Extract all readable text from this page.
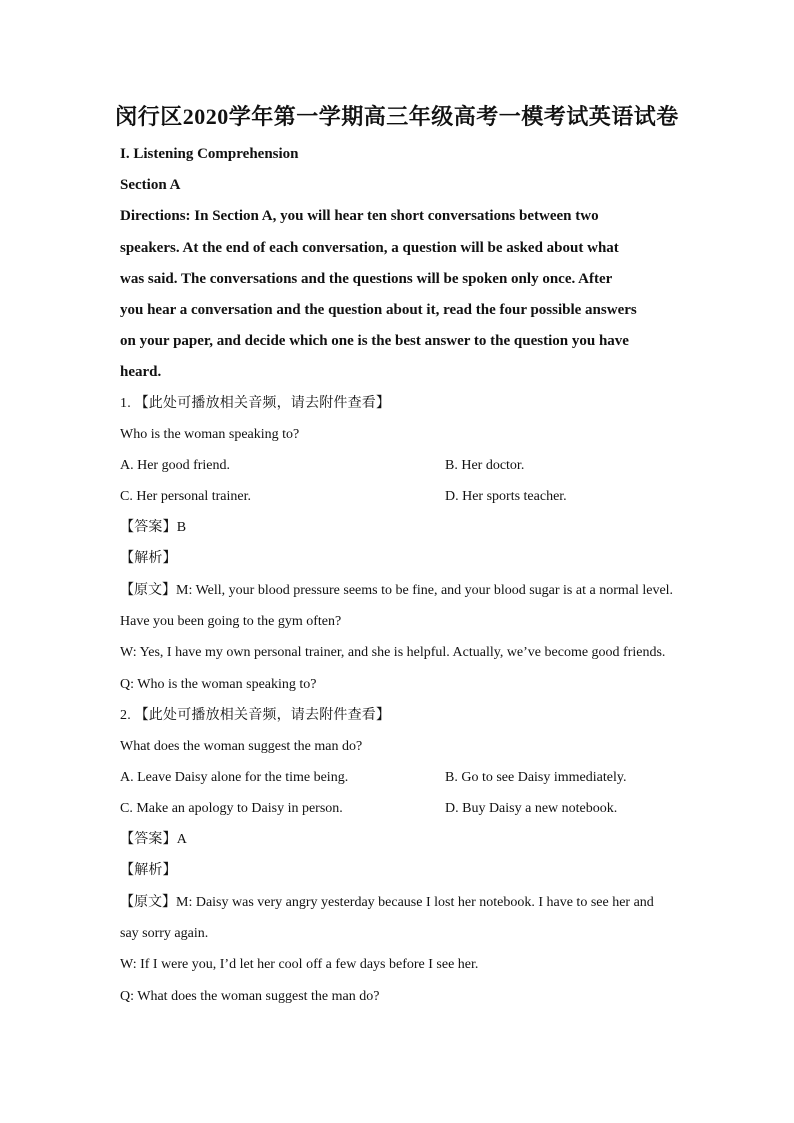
闵行区2020学年第一学期高三年级高考一模考试英语试卷
I. Listening Comprehension
Section A
Directions: In Section A, you will hear ten short conversations between two
speakers. At the end of each conversation, a question will be asked about what
was said. The conversations and the questions will be spoken only once. After
you hear a conversation and the question about it, read the four possible answers
on your paper, and decide which one is the best answer to the question you have
heard.
1. 【此处可播放相关音频，请去附件查看】
Who is the woman speaking to?
A. Her good friend.	B. Her doctor.
C. Her personal trainer.	D. Her sports teacher.
【答案】B
【解析】
【原文】M: Well, your blood pressure seems to be fine, and your blood sugar is at a normal level.
Have you been going to the gym often?
W: Yes, I have my own personal trainer, and she is helpful. Actually, we’ve become good friends.
Q: Who is the woman speaking to?
2. 【此处可播放相关音频，请去附件查看】
What does the woman suggest the man do?
A. Leave Daisy alone for the time being.	B. Go to see Daisy immediately.
C. Make an apology to Daisy in person.	D. Buy Daisy a new notebook.
【答案】A
【解析】
【原文】M: Daisy was very angry yesterday because I lost her notebook. I have to see her and
say sorry again.
W: If I were you, I’d let her cool off a few days before I see her.
Q: What does the woman suggest the man do?
